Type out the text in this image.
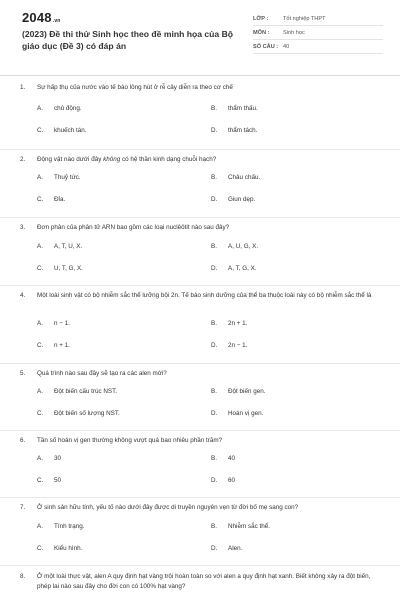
2048.vn
(2023) Đề thi thử Sinh học theo đề minh họa của Bộ giáo dục (Đề 3) có đáp án
LỚP :	Tốt nghiệp THPT
MÔN :	Sinh học
SỐ CÂU : 40
1.	Sự hấp thụ của nước vào tế bào lông hút ở rễ cây diễn ra theo cơ chế
A.	chủ động.	B.	thẩm thấu.
C.	khuếch tán.	D.	thẩm tách.
2.	Động vật nào dưới đây không có hệ thần kinh dạng chuỗi hạch?
A.	Thuỷ tức.	B.	Châu chấu.
C.	Đỉa.	D.	Giun dẹp.
3.	Đơn phân của phân tử ARN bao gồm các loại nuclêôtit nào sau đây?
A.	A, T, U, X.	B.	A, U, G, X.
C.	U, T, G, X.	D.	A, T, G, X.
4.	Một loài sinh vật có bộ nhiễm sắc thể lưỡng bội 2n. Tế bào sinh dưỡng của thể ba thuộc loài này có bộ nhiễm sắc thể là
A.	n − 1.	B.	2n + 1.
C.	n + 1.	D.	2n − 1.
5.	Quá trình nào sau đây sẽ tạo ra các alen mới?
A.	Đột biến cấu trúc NST.	B.	Đột biến gen.
C.	Đột biến số lượng NST.	D.	Hoán vị gen.
6.	Tần số hoán vị gen thường không vượt quá bao nhiêu phần trăm?
A.	30	B.	40
C.	50	D.	60
7.	Ở sinh sản hữu tính, yếu tố nào dưới đây được di truyền nguyên vẹn từ đời bố mẹ sang con?
A.	Tính trạng.	B.	Nhiễm sắc thể.
C.	Kiểu hình.	D.	Alen.
8.	Ở một loài thực vật, alen A quy định hạt vàng trội hoàn toàn so với alen a quy định hạt xanh. Biết không xảy ra đột biến, phép lai nào sau đây cho đời con có 100% hạt vàng?
